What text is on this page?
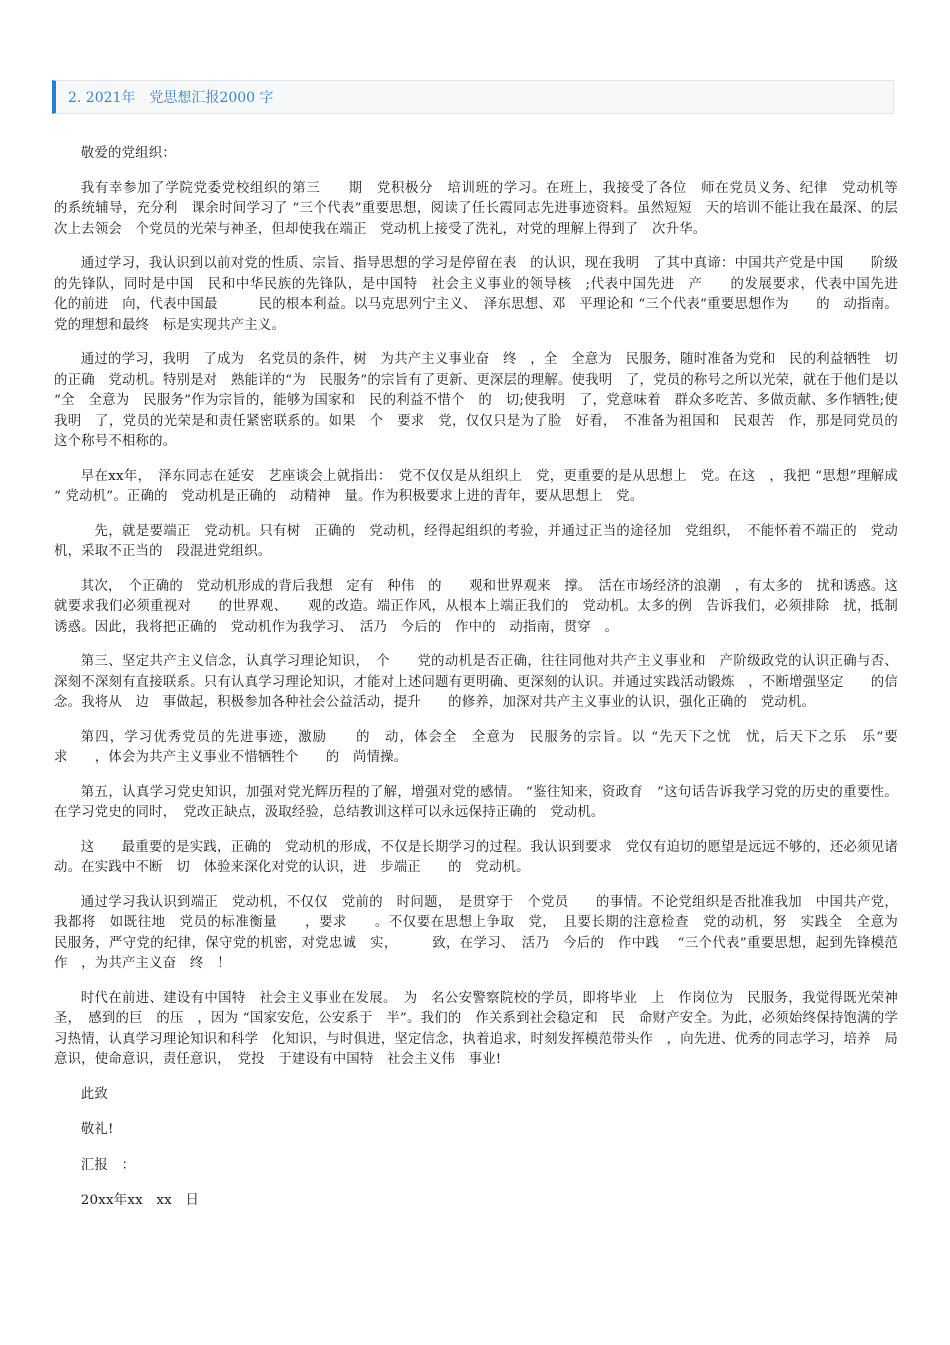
2. 2021年　党思想汇报2000 字

敬爱的党组织：

我有幸参加了学院党委党校组织的第三　　期　党积极分　培训班的学习。在班上，我接受了各位　师在党员义务、纪律　党动机等　　的系统辅导，充分利　课余时间学习了 “三个代表”重要思想，阅读了任长霞同志先进事迹资料。虽然短短　天的培训不能让我在最深、的层次上去领会　个党员的光荣与神圣，但却使我在端正　党动机上接受了洗礼，对党的理解上得到了　次升华。

通过学习，我认识到以前对党的性质、宗旨、指导思想的学习是停留在表　的认识，现在我明　了其中真谛：中国共产党是中国　　阶级的先锋队，同时是中国　民和中华民族的先锋队，是中国特　社会主义事业的领导核　;代表中国先进　产　　的发展要求，代表中国先进　化的前进　向，代表中国最　　　民的根本利益。以马克思列宁主义、　泽东思想、邓　平理论和 “三个代表”重要思想作为　　的　动指南。党的理想和最终　标是实现共产主义。

通过的学习，我明　了成为　名党员的条件，树　为共产主义事业奋　终　，全　全意为　民服务，随时准备为党和　民的利益牺牲　切的正确　党动机。特别是对　熟能详的“为　民服务”的宗旨有了更新、更深层的理解。使我明　了，党员的称号之所以光荣，就在于他们是以 “全　全意为　民服务”作为宗旨的，能够为国家和　民的利益不惜个　的　切;使我明　了，党意味着　群众多吃苦、多做贡献、多作牺牲;使我明　了，党员的光荣是和责任紧密联系的。如果　个　要求　党，仅仅只是为了脸　好看，　不准备为祖国和　民艰苦　作，那是同党员的这个称号不相称的。

早在xx年，　泽东同志在延安　艺座谈会上就指出：　党不仅仅是从组织上　党，更重要的是从思想上　党。在这　，我把 “思想”理解成 “ 党动机”。正确的　党动机是正确的　动精神　量。作为积极要求上进的青年，要从思想上　党。

　先，就是要端正　党动机。只有树　正确的　党动机，经得起组织的考验，并通过正当的途径加　党组织，　不能怀着不端正的　党动机，采取不正当的　段混进党组织。

其次，　个正确的　党动机形成的背后我想　定有　种伟　的　　观和世界观来　撑。　活在市场经济的浪潮　，有太多的　扰和诱惑。这就要求我们必须重视对　　的世界观、　　观的改造。端正作风，从根本上端正我们的　党动机。太多的例　告诉我们，必须排除　扰，抵制诱惑。因此，我将把正确的　党动机作为我学习、　活乃　今后的　作中的　动指南，贯穿　。

第三、坚定共产主义信念，认真学习理论知识，　个　　党的动机是否正确，往往同他对共产主义事业和　产阶级政党的认识正确与否、深刻不深刻有直接联系。只有认真学习理论知识，才能对上述问题有更明确、更深刻的认识。并通过实践活动锻炼　，不断增强坚定　　的信念。我将从　边　事做起，积极参加各种社会公益活动，提升　　的修养，加深对共产主义事业的认识，强化正确的　党动机。

第四，学习优秀党员的先进事迹，激励　　的　动，体会全　全意为　民服务的宗旨。以 “先天下之忧　忧，后天下之乐　乐”要求　　，体会为共产主义事业不惜牺牲个　　的　尚情操。

第五，认真学习党史知识，加强对党光辉历程的了解，增强对党的感情。 “鉴往知来，资政育　”这句话告诉我学习党的历史的重要性。在学习党史的同时，　党改正缺点，汲取经验，总结教训这样可以永远保持正确的　党动机。

这　　最重要的是实践，正确的　党动机的形成，不仅是长期学习的过程。我认识到要求　党仅有迫切的愿望是远远不够的，还必须见诸　动。在实践中不断　切　体验来深化对党的认识，进　步端正　　的　党动机。

通过学习我认识到端正　党动机，不仅仅　党前的　时问题，　是贯穿于　个党员　　的事情。不论党组织是否批准我加　中国共产党，我都将　如既往地　党员的标准衡量　　，要求　　。不仅要在思想上争取　党，　且要长期的注意检查　党的动机，努　实践全　全意为　民服务，严守党的纪律，保守党的机密，对党忠诚　实，　　　致，在学习、　活乃　今后的　作中践　 “三个代表”重要思想，起到先锋模范作　，为共产主义奋　终　！

时代在前进、建设有中国特　社会主义事业在发展。　为　名公安警察院校的学员，即将毕业　上　作岗位为　民服务，我觉得既光荣神圣，　感到的巨　的压　，因为 “国家安危，公安系于　半”。我们的　作关系到社会稳定和　民　命财产安全。为此，必须始终保持饱满的学习热情，认真学习理论知识和科学　化知识，与时俱进，坚定信念，执着追求，时刻发挥模范带头作　，向先进、优秀的同志学习，培养　局意识，使命意识，责任意识，　党投　于建设有中国特　社会主义伟　事业!

此致

敬礼!

汇报　：

20xx年xx　xx　日
